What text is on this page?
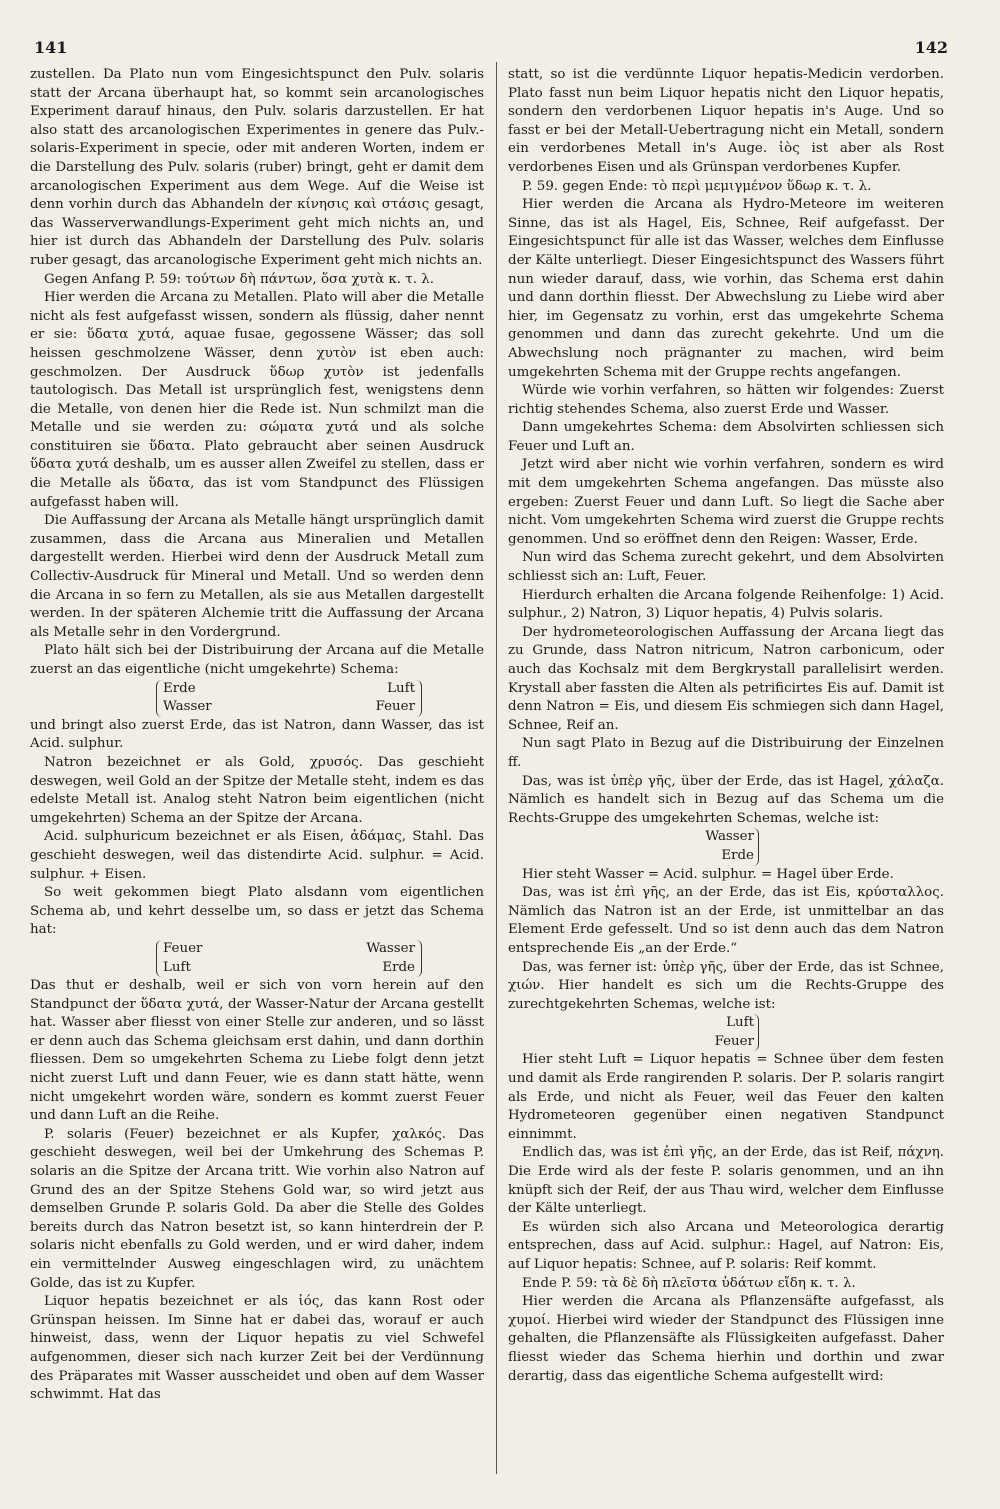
141	142

zustellen. Da Plato nun vom Eingesichtspunct den Pulv. solaris statt der Arcana überhaupt hat, so kommt sein arcanologisches Experiment darauf hinaus, den Pulv. solaris darzustellen. Er hat also statt des arcanologischen Experimentes in genere das Pulv.-solaris-Experiment in specie, oder mit anderen Worten, indem er die Darstellung des Pulv. solaris (ruber) bringt, geht er damit dem arcanologischen Experiment aus dem Wege. Auf die Weise ist denn vorhin durch das Abhandeln der κίνησις καὶ στάσις gesagt, das Wasserverwandlungs-Experiment geht mich nichts an, und hier ist durch das Abhandeln der Darstellung des Pulv. solaris ruber gesagt, das arcanologische Experiment geht mich nichts an.

Gegen Anfang P. 59: τούτων δὴ πάντων, ὅσα χυτὰ κ. τ. λ.

Hier werden die Arcana zu Metallen. Plato will aber die Metalle nicht als fest aufgefasst wissen, sondern als flüssig, daher nennt er sie: ὕδατα χυτά, aquae fusae, gegossene Wässer; das soll heissen geschmolzene Wässer, denn χυτὸν ist eben auch: geschmolzen. Der Ausdruck ὕδωρ χυτὸν ist jedenfalls tautologisch. Das Metall ist ursprünglich fest, wenigstens denn die Metalle, von denen hier die Rede ist. Nun schmilzt man die Metalle und sie werden zu: σώματα χυτά und als solche constituiren sie ὕδατα. Plato gebraucht aber seinen Ausdruck ὕδατα χυτά deshalb, um es ausser allen Zweifel zu stellen, dass er die Metalle als ὕδατα, das ist vom Standpunct des Flüssigen aufgefasst haben will.

Die Auffassung der Arcana als Metalle hängt ursprünglich damit zusammen, dass die Arcana aus Mineralien und Metallen dargestellt werden. Hierbei wird denn der Ausdruck Metall zum Collectiv-Ausdruck für Mineral und Metall. Und so werden denn die Arcana in so fern zu Metallen, als sie aus Metallen dargestellt werden. In der späteren Alchemie tritt die Auffassung der Arcana als Metalle sehr in den Vordergrund.

Plato hält sich bei der Distribuirung der Arcana auf die Metalle zuerst an das eigentliche (nicht umgekehrte) Schema:

Erde	Luft
Wasser	Feuer

und bringt also zuerst Erde, das ist Natron, dann Wasser, das ist Acid. sulphur.

Natron bezeichnet er als Gold, χρυσός. Das geschieht deswegen, weil Gold an der Spitze der Metalle steht, indem es das edelste Metall ist. Analog steht Natron beim eigentlichen (nicht umgekehrten) Schema an der Spitze der Arcana.

Acid. sulphuricum bezeichnet er als Eisen, ἀδάμας, Stahl. Das geschieht deswegen, weil das distendirte Acid. sulphur. = Acid. sulphur. + Eisen.

So weit gekommen biegt Plato alsdann vom eigentlichen Schema ab, und kehrt desselbe um, so dass er jetzt das Schema hat:

Feuer	Wasser
Luft	Erde

Das thut er deshalb, weil er sich von vorn herein auf den Standpunct der ὕδατα χυτά, der Wasser-Natur der Arcana gestellt hat. Wasser aber fliesst von einer Stelle zur anderen, und so lässt er denn auch das Schema gleichsam erst dahin, und dann dorthin fliessen. Dem so umgekehrten Schema zu Liebe folgt denn jetzt nicht zuerst Luft und dann Feuer, wie es dann statt hätte, wenn nicht umgekehrt worden wäre, sondern es kommt zuerst Feuer und dann Luft an die Reihe.

P. solaris (Feuer) bezeichnet er als Kupfer, χαλκός. Das geschieht deswegen, weil bei der Umkehrung des Schemas P. solaris an die Spitze der Arcana tritt. Wie vorhin also Natron auf Grund des an der Spitze Stehens Gold war, so wird jetzt aus demselben Grunde P. solaris Gold. Da aber die Stelle des Goldes bereits durch das Natron besetzt ist, so kann hinterdrein der P. solaris nicht ebenfalls zu Gold werden, und er wird daher, indem ein vermittelnder Ausweg eingeschlagen wird, zu unächtem Golde, das ist zu Kupfer.

Liquor hepatis bezeichnet er als ἰός, das kann Rost oder Grünspan heissen. Im Sinne hat er dabei das, worauf er auch hinweist, dass, wenn der Liquor hepatis zu viel Schwefel aufgenommen, dieser sich nach kurzer Zeit bei der Verdünnung des Präparates mit Wasser ausscheidet und oben auf dem Wasser schwimmt. Hat das

statt, so ist die verdünnte Liquor hepatis-Medicin verdorben. Plato fasst nun beim Liquor hepatis nicht den Liquor hepatis, sondern den verdorbenen Liquor hepatis in's Auge. Und so fasst er bei der Metall-Uebertragung nicht ein Metall, sondern ein verdorbenes Metall in's Auge. ἰὸς ist aber als Rost verdorbenes Eisen und als Grünspan verdorbenes Kupfer.

P. 59. gegen Ende: τὸ περὶ μεμιγμένον ὕδωρ κ. τ. λ.

Hier werden die Arcana als Hydro-Meteore im weiteren Sinne, das ist als Hagel, Eis, Schnee, Reif aufgefasst. Der Eingesichtspunct für alle ist das Wasser, welches dem Einflusse der Kälte unterliegt. Dieser Eingesichtspunct des Wassers führt nun wieder darauf, dass, wie vorhin, das Schema erst dahin und dann dorthin fliesst. Der Abwechslung zu Liebe wird aber hier, im Gegensatz zu vorhin, erst das umgekehrte Schema genommen und dann das zurecht gekehrte. Und um die Abwechslung noch prägnanter zu machen, wird beim umgekehrten Schema mit der Gruppe rechts angefangen.

Würde wie vorhin verfahren, so hätten wir folgendes: Zuerst richtig stehendes Schema, also zuerst Erde und Wasser.

Dann umgekehrtes Schema: dem Absolvirten schliessen sich Feuer und Luft an.

Jetzt wird aber nicht wie vorhin verfahren, sondern es wird mit dem umgekehrten Schema angefangen. Das müsste also ergeben: Zuerst Feuer und dann Luft. So liegt die Sache aber nicht. Vom umgekehrten Schema wird zuerst die Gruppe rechts genommen. Und so eröffnet denn den Reigen: Wasser, Erde.

Nun wird das Schema zurecht gekehrt, und dem Absolvirten schliesst sich an: Luft, Feuer.

Hierdurch erhalten die Arcana folgende Reihenfolge: 1) Acid. sulphur., 2) Natron, 3) Liquor hepatis, 4) Pulvis solaris.

Der hydrometeorologischen Auffassung der Arcana liegt das zu Grunde, dass Natron nitricum, Natron carbonicum, oder auch das Kochsalz mit dem Bergkrystall parallelisirt werden. Krystall aber fassten die Alten als petrificirtes Eis auf. Damit ist denn Natron = Eis, und diesem Eis schmiegen sich dann Hagel, Schnee, Reif an.

Nun sagt Plato in Bezug auf die Distribuirung der Einzelnen ff.

Das, was ist ὑπὲρ γῆς, über der Erde, das ist Hagel, χάλαζα. Nämlich es handelt sich in Bezug auf das Schema um die Rechts-Gruppe des umgekehrten Schemas, welche ist:

Wasser
Erde

Hier steht Wasser = Acid. sulphur. = Hagel über Erde.

Das, was ist ἐπὶ γῆς, an der Erde, das ist Eis, κρύσταλλος. Nämlich das Natron ist an der Erde, ist unmittelbar an das Element Erde gefesselt. Und so ist denn auch das dem Natron entsprechende Eis „an der Erde.“

Das, was ferner ist: ὑπὲρ γῆς, über der Erde, das ist Schnee, χιών. Hier handelt es sich um die Rechts-Gruppe des zurechtgekehrten Schemas, welche ist:

Luft
Feuer

Hier steht Luft = Liquor hepatis = Schnee über dem festen und damit als Erde rangirenden P. solaris. Der P. solaris rangirt als Erde, und nicht als Feuer, weil das Feuer den kalten Hydrometeoren gegenüber einen negativen Standpunct einnimmt.

Endlich das, was ist ἐπὶ γῆς, an der Erde, das ist Reif, πάχνη. Die Erde wird als der feste P. solaris genommen, und an ihn knüpft sich der Reif, der aus Thau wird, welcher dem Einflusse der Kälte unterliegt.

Es würden sich also Arcana und Meteorologica derartig entsprechen, dass auf Acid. sulphur.: Hagel, auf Natron: Eis, auf Liquor hepatis: Schnee, auf P. solaris: Reif kommt.

Ende P. 59: τὰ δὲ δὴ πλεῖστα ὑδάτων εἴδη κ. τ. λ.

Hier werden die Arcana als Pflanzensäfte aufgefasst, als χυμοί. Hierbei wird wieder der Standpunct des Flüssigen inne gehalten, die Pflanzensäfte als Flüssigkeiten aufgefasst. Daher fliesst wieder das Schema hierhin und dorthin und zwar derartig, dass das eigentliche Schema aufgestellt wird:
